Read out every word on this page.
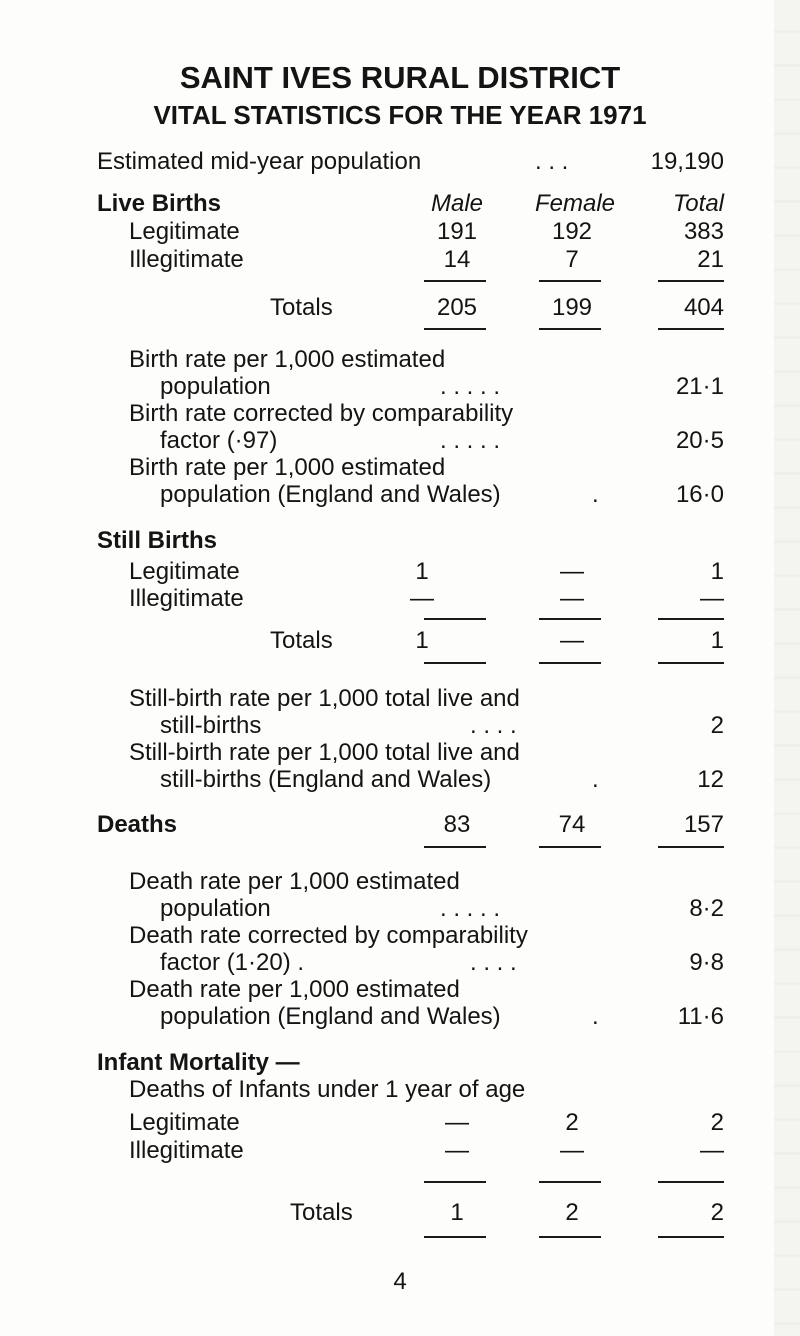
SAINT IVES RURAL DISTRICT
VITAL STATISTICS FOR THE YEAR 1971
Estimated mid-year population	. . .	19,190
Live Births	Male	Female	Total
Legitimate	191	192	383
Illegitimate	14	7	21
Totals	205	199	404
Birth rate per 1,000 estimated
population	. . . . .	21·1
Birth rate corrected by comparability
factor (·97)	. . . . .	20·5
Birth rate per 1,000 estimated
population (England and Wales)	.	16·0
Still Births
Legitimate	1	—	1
Illegitimate	—	—	—
Totals	1	—	1
Still-birth rate per 1,000 total live and
still-births	. . . .	2
Still-birth rate per 1,000 total live and
still-births (England and Wales)	.	12
Deaths	83	74	157
Death rate per 1,000 estimated
population	. . . . .	8·2
Death rate corrected by comparability
factor (1·20) .	. . . .	9·8
Death rate per 1,000 estimated
population (England and Wales)	.	11·6
Infant Mortality —
Deaths of Infants under 1 year of age
Legitimate	—	2	2
Illegitimate	—	—	—
Totals	1	2	2
4
